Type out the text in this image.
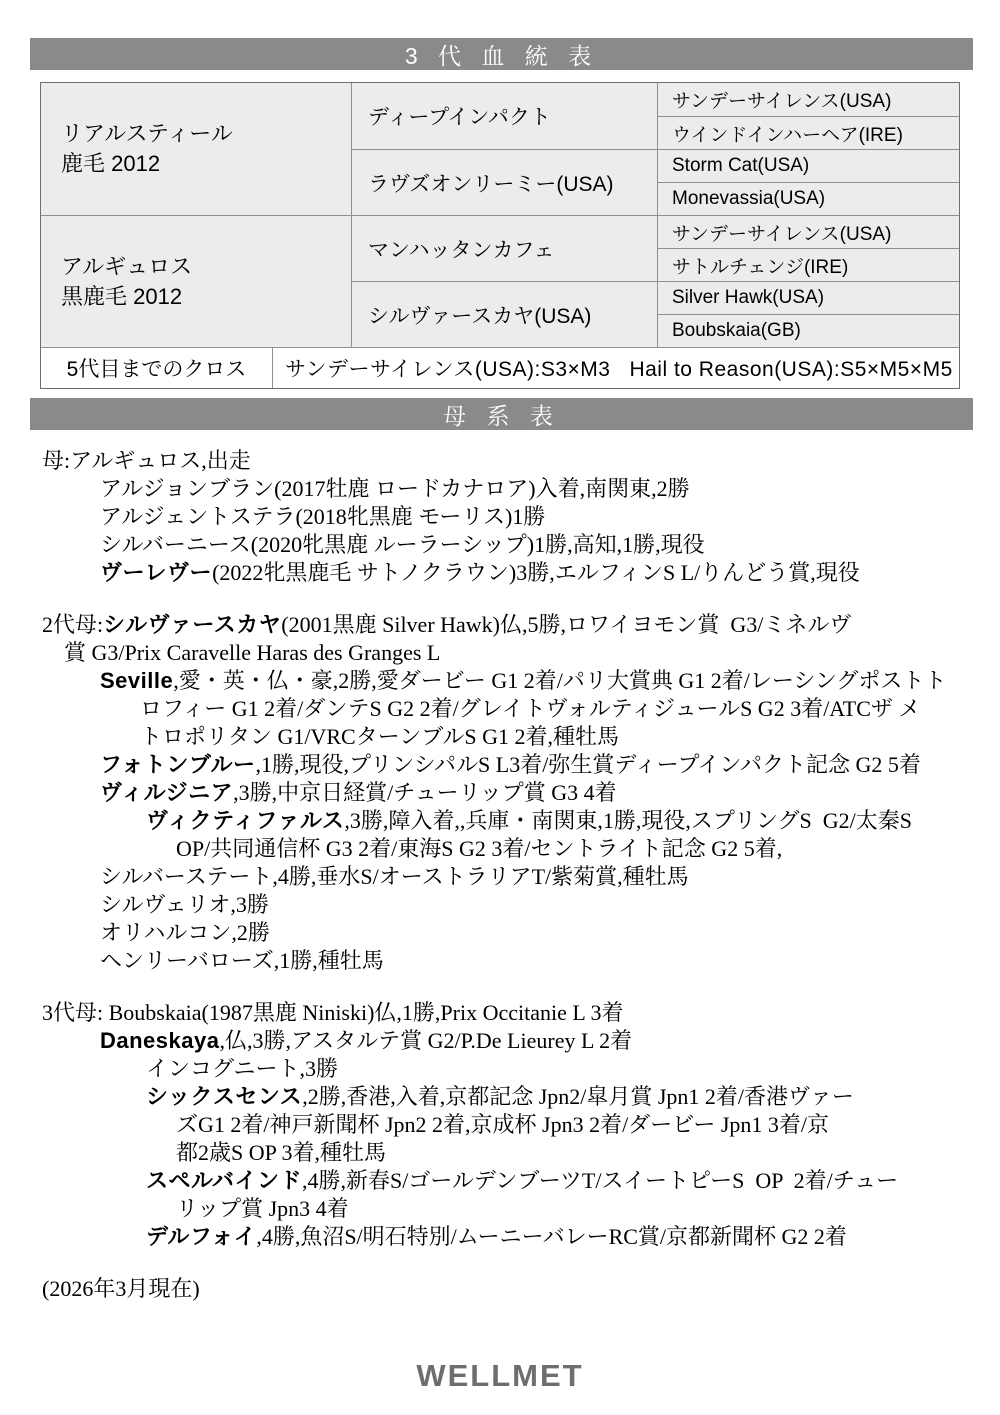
3 代 血 統 表
リアルスティール
鹿毛 2012
ディープインパクト
サンデーサイレンス(USA)
ウインドインハーヘア(IRE)
ラヴズオンリーミー(USA)
Storm Cat(USA)
Monevassia(USA)
アルギュロス
黒鹿毛 2012
マンハッタンカフェ
サンデーサイレンス(USA)
サトルチェンジ(IRE)
シルヴァースカヤ(USA)
Silver Hawk(USA)
Boubskaia(GB)
5代目までのクロス	サンデーサイレンス(USA):S3×M3   Hail to Reason(USA):S5×M5×M5
母 系 表
母:アルギュロス,出走
アルジョンブラン(2017牡鹿 ロードカナロア)入着,南関東,2勝
アルジェントステラ(2018牝黒鹿 モーリス)1勝
シルバーニース(2020牝黒鹿 ルーラーシップ)1勝,高知,1勝,現役
ヴーレヴー(2022牝黒鹿毛 サトノクラウン)3勝,エルフィンS L/りんどう賞,現役
2代母:シルヴァースカヤ(2001黒鹿 Silver Hawk)仏,5勝,ロワイヨモン賞  G3/ミネルヴ
賞 G3/Prix Caravelle Haras des Granges L
Seville,愛・英・仏・豪,2勝,愛ダービー G1 2着/パリ大賞典 G1 2着/レーシングポストト
ロフィー G1 2着/ダンテS G2 2着/グレイトヴォルティジュールS G2 3着/ATCザ メ
トロポリタン G1/VRCターンブルS G1 2着,種牡馬
フォトンブルー,1勝,現役,プリンシパルS L3着/弥生賞ディープインパクト記念 G2 5着
ヴィルジニア,3勝,中京日経賞/チューリップ賞 G3 4着
ヴィクティファルス,3勝,障入着,,兵庫・南関東,1勝,現役,スプリングS  G2/太秦S
OP/共同通信杯 G3 2着/東海S G2 3着/セントライト記念 G2 5着,
シルバーステート,4勝,垂水S/オーストラリアT/紫菊賞,種牡馬
シルヴェリオ,3勝
オリハルコン,2勝
ヘンリーバローズ,1勝,種牡馬
3代母: Boubskaia(1987黒鹿 Niniski)仏,1勝,Prix Occitanie L 3着
Daneskaya,仏,3勝,アスタルテ賞 G2/P.De Lieurey L 2着
インコグニート,3勝
シックスセンス,2勝,香港,入着,京都記念 Jpn2/皐月賞 Jpn1 2着/香港ヴァー
ズG1 2着/神戸新聞杯 Jpn2 2着,京成杯 Jpn3 2着/ダービー Jpn1 3着/京
都2歳S OP 3着,種牡馬
スペルバインド,4勝,新春S/ゴールデンブーツT/スイートピーS  OP  2着/チュー
リップ賞 Jpn3 4着
デルフォイ,4勝,魚沼S/明石特別/ムーニーバレーRC賞/京都新聞杯 G2 2着
(2026年3月現在)
WELLMET
